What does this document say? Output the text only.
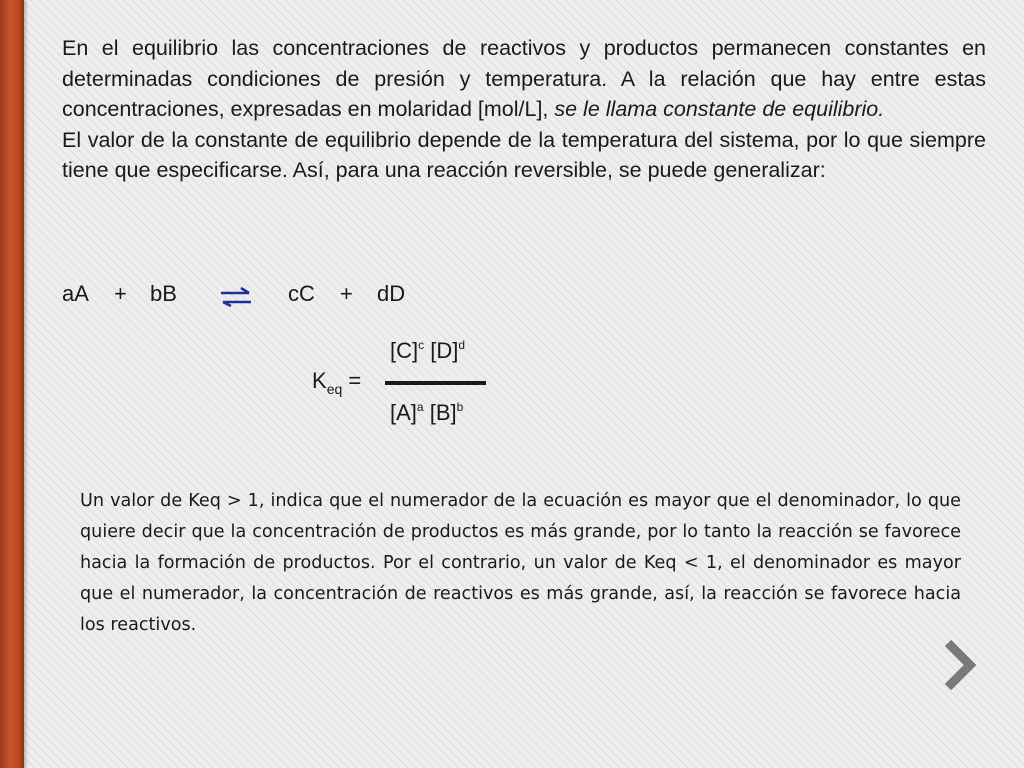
En el equilibrio las concentraciones de reactivos y productos permanecen constantes en determinadas condiciones de presión y temperatura. A la relación que hay entre estas concentraciones, expresadas en molaridad [mol/L], se le llama constante de equilibrio.

El valor de la constante de equilibrio depende de la temperatura del sistema, por lo que siempre tiene que especificarse. Así, para una reacción reversible, se puede generalizar:

aA + bB	cC + dD
$K_{eq}$ =
$[C]^c$ $[D]^d$
$[A]^a$ $[B]^b$

Un valor de Keq > 1, indica que el numerador de la ecuación es mayor que el denominador, lo que quiere decir que la concentración de productos es más grande, por lo tanto la reacción se favorece hacia la formación de productos. Por el contrario, un valor de Keq < 1, el denominador es mayor que el numerador, la concentración de reactivos es más grande, así, la reacción se favorece hacia los reactivos.
